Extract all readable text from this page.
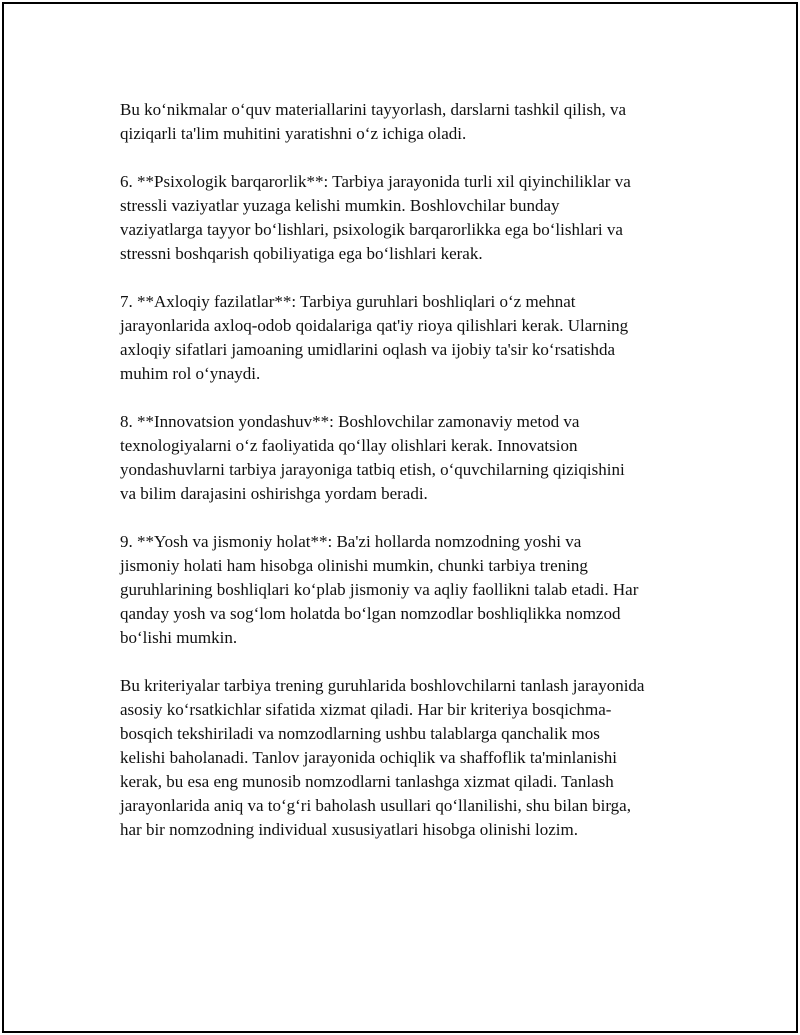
Bu ko‘nikmalar o‘quv materiallarini tayyorlash, darslarni tashkil qilish, va
qiziqarli ta'lim muhitini yaratishni o‘z ichiga oladi.

6. **Psixologik barqarorlik**: Tarbiya jarayonida turli xil qiyinchiliklar va
stressli vaziyatlar yuzaga kelishi mumkin. Boshlovchilar bunday
vaziyatlarga tayyor bo‘lishlari, psixologik barqarorlikka ega bo‘lishlari va
stressni boshqarish qobiliyatiga ega bo‘lishlari kerak.

7. **Axloqiy fazilatlar**: Tarbiya guruhlari boshliqlari o‘z mehnat
jarayonlarida axloq-odob qoidalariga qat'iy rioya qilishlari kerak. Ularning
axloqiy sifatlari jamoaning umidlarini oqlash va ijobiy ta'sir ko‘rsatishda
muhim rol o‘ynaydi.

8. **Innovatsion yondashuv**: Boshlovchilar zamonaviy metod va
texnologiyalarni o‘z faoliyatida qo‘llay olishlari kerak. Innovatsion
yondashuvlarni tarbiya jarayoniga tatbiq etish, o‘quvchilarning qiziqishini
va bilim darajasini oshirishga yordam beradi.

9. **Yosh va jismoniy holat**: Ba'zi hollarda nomzodning yoshi va
jismoniy holati ham hisobga olinishi mumkin, chunki tarbiya trening
guruhlarining boshliqlari ko‘plab jismoniy va aqliy faollikni talab etadi. Har
qanday yosh va sog‘lom holatda bo‘lgan nomzodlar boshliqlikka nomzod
bo‘lishi mumkin.

Bu kriteriyalar tarbiya trening guruhlarida boshlovchilarni tanlash jarayonida
asosiy ko‘rsatkichlar sifatida xizmat qiladi. Har bir kriteriya bosqichma-
bosqich tekshiriladi va nomzodlarning ushbu talablarga qanchalik mos
kelishi baholanadi. Tanlov jarayonida ochiqlik va shaffoflik ta'minlanishi
kerak, bu esa eng munosib nomzodlarni tanlashga xizmat qiladi. Tanlash
jarayonlarida aniq va to‘g‘ri baholash usullari qo‘llanilishi, shu bilan birga,
har bir nomzodning individual xususiyatlari hisobga olinishi lozim.
